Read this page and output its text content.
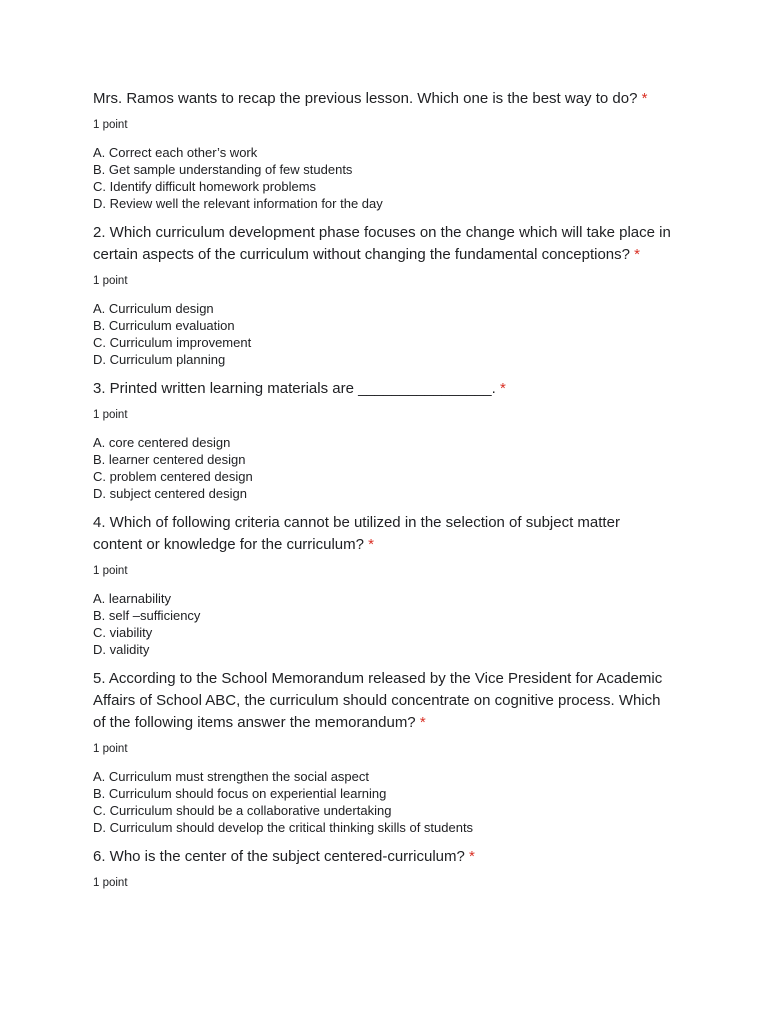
Mrs. Ramos wants to recap the previous lesson. Which one is the best way to do? *

1 point
A. Correct each other’s work
B. Get sample understanding of few students
C. Identify difficult homework problems
D. Review well the relevant information for the day

2. Which curriculum development phase focuses on the change which will take place in certain aspects of the curriculum without changing the fundamental conceptions? *

1 point
A. Curriculum design
B. Curriculum evaluation
C. Curriculum improvement
D. Curriculum planning

3. Printed written learning materials are ________________. *

1 point
A. core centered design
B. learner centered design
C. problem centered design
D. subject centered design

4. Which of following criteria cannot be utilized in the selection of subject matter content or knowledge for the curriculum? *

1 point
A. learnability
B. self –sufficiency
C. viability
D. validity

5. According to the School Memorandum released by the Vice President for Academic Affairs of School ABC, the curriculum should concentrate on cognitive process. Which of the following items answer the memorandum? *

1 point
A. Curriculum must strengthen the social aspect
B. Curriculum should focus on experiential learning
C. Curriculum should be a collaborative undertaking
D. Curriculum should develop the critical thinking skills of students

6. Who is the center of the subject centered-curriculum? *

1 point
